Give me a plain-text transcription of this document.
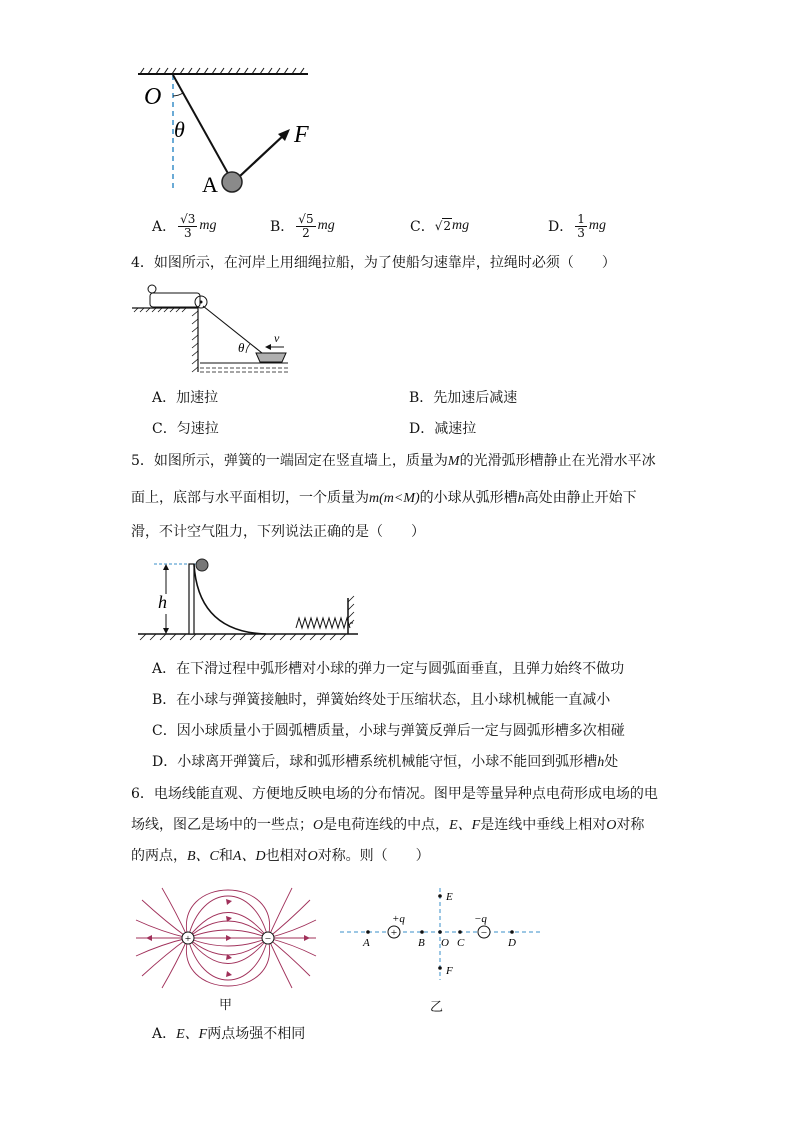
O
θ
A
F
A． $\frac{√3}{3}$ mg	B． $\frac{√5}{2}$ mg	C． √2 mg	D． $\frac{1}{3}$ mg
4．如图所示，在河岸上用细绳拉船，为了使船匀速靠岸，拉绳时必须（　　）
θ
v
A．加速拉	B．先加速后减速
C．匀速拉	D．减速拉
5．如图所示，弹簧的一端固定在竖直墙上，质量为M的光滑弧形槽静止在光滑水平冰
面上，底部与水平面相切，一个质量为m(m<M)的小球从弧形槽h高处由静止开始下
滑，不计空气阻力，下列说法正确的是（　　）
h
A．在下滑过程中弧形槽对小球的弹力一定与圆弧面垂直，且弹力始终不做功
B．在小球与弹簧接触时，弹簧始终处于压缩状态，且小球机械能一直减小
C．因小球质量小于圆弧槽质量，小球与弹簧反弹后一定与圆弧形槽多次相碰
D．小球离开弹簧后，球和弧形槽系统机械能守恒，小球不能回到弧形槽h处
6．电场线能直观、方便地反映电场的分布情况。图甲是等量异种点电荷形成电场的电
场线，图乙是场中的一些点；O是电荷连线的中点，E、F是连线中垂线上相对O对称
的两点，B、C和A、D也相对O对称。则（　　）
+	−
甲
+	−
+q	−q
A	B O C	D
E
F
乙
A．E、F两点场强不相同
